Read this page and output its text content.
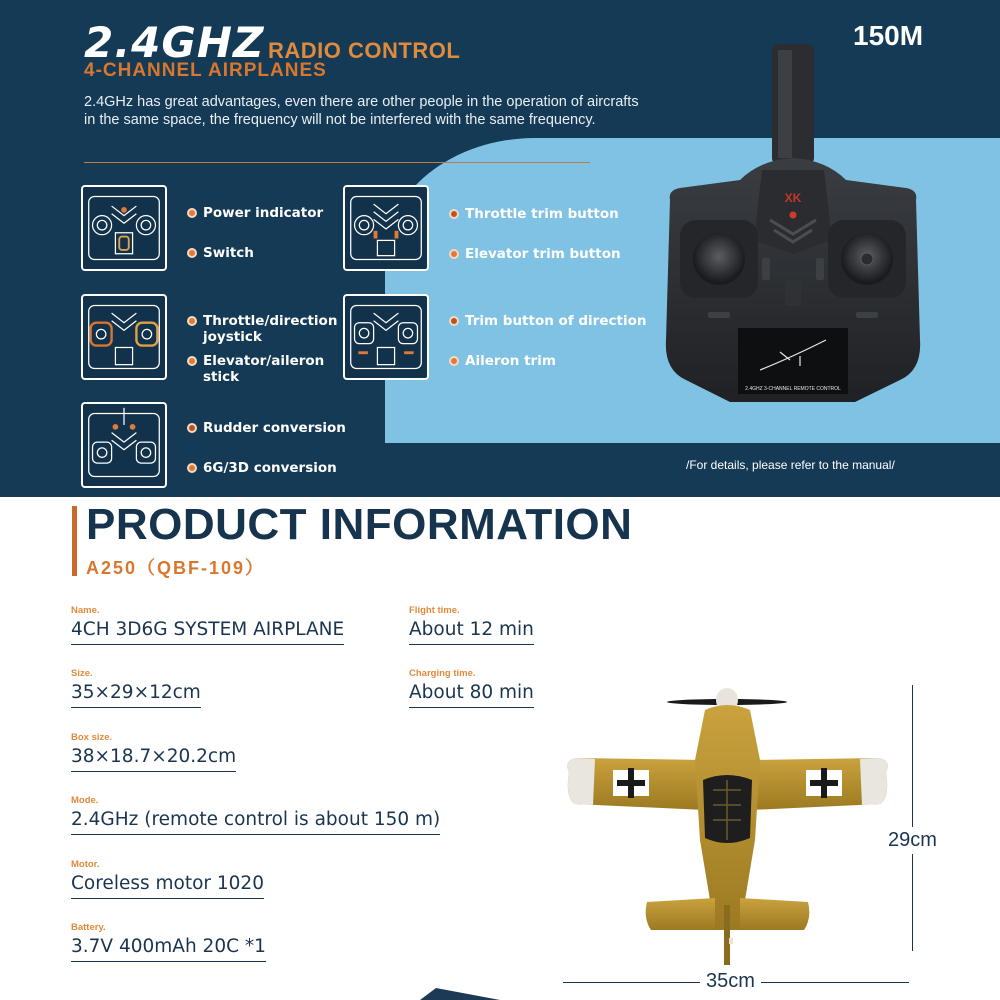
2.4GHZ RADIO CONTROL
4-CHANNEL AIRPLANES
2.4GHz has great advantages, even there are other people in the operation of aircrafts in the same space, the frequency will not be interfered with the same frequency.
150M
Power indicator
Switch
Throttle trim button
Elevator trim button
Throttle/direction joystick
Elevator/aileron stick
Trim button of direction
Aileron trim
Rudder conversion
6G/3D conversion	/For details, please refer to the manual/
XK
2.4GHZ 3-CHANNEL REMOTE CONTROL
PRODUCT INFORMATION
A250（QBF-109）
Name.
4CH 3D6G SYSTEM AIRPLANE
Flight time.
About 12 min
Size.
35×29×12cm
Charging time.
About 80 min
Box size.
38×18.7×20.2cm
Mode.
2.4GHz (remote control is about 150 m)
Motor.
Coreless motor 1020
Battery.
3.7V 400mAh 20C *1
29cm
35cm
